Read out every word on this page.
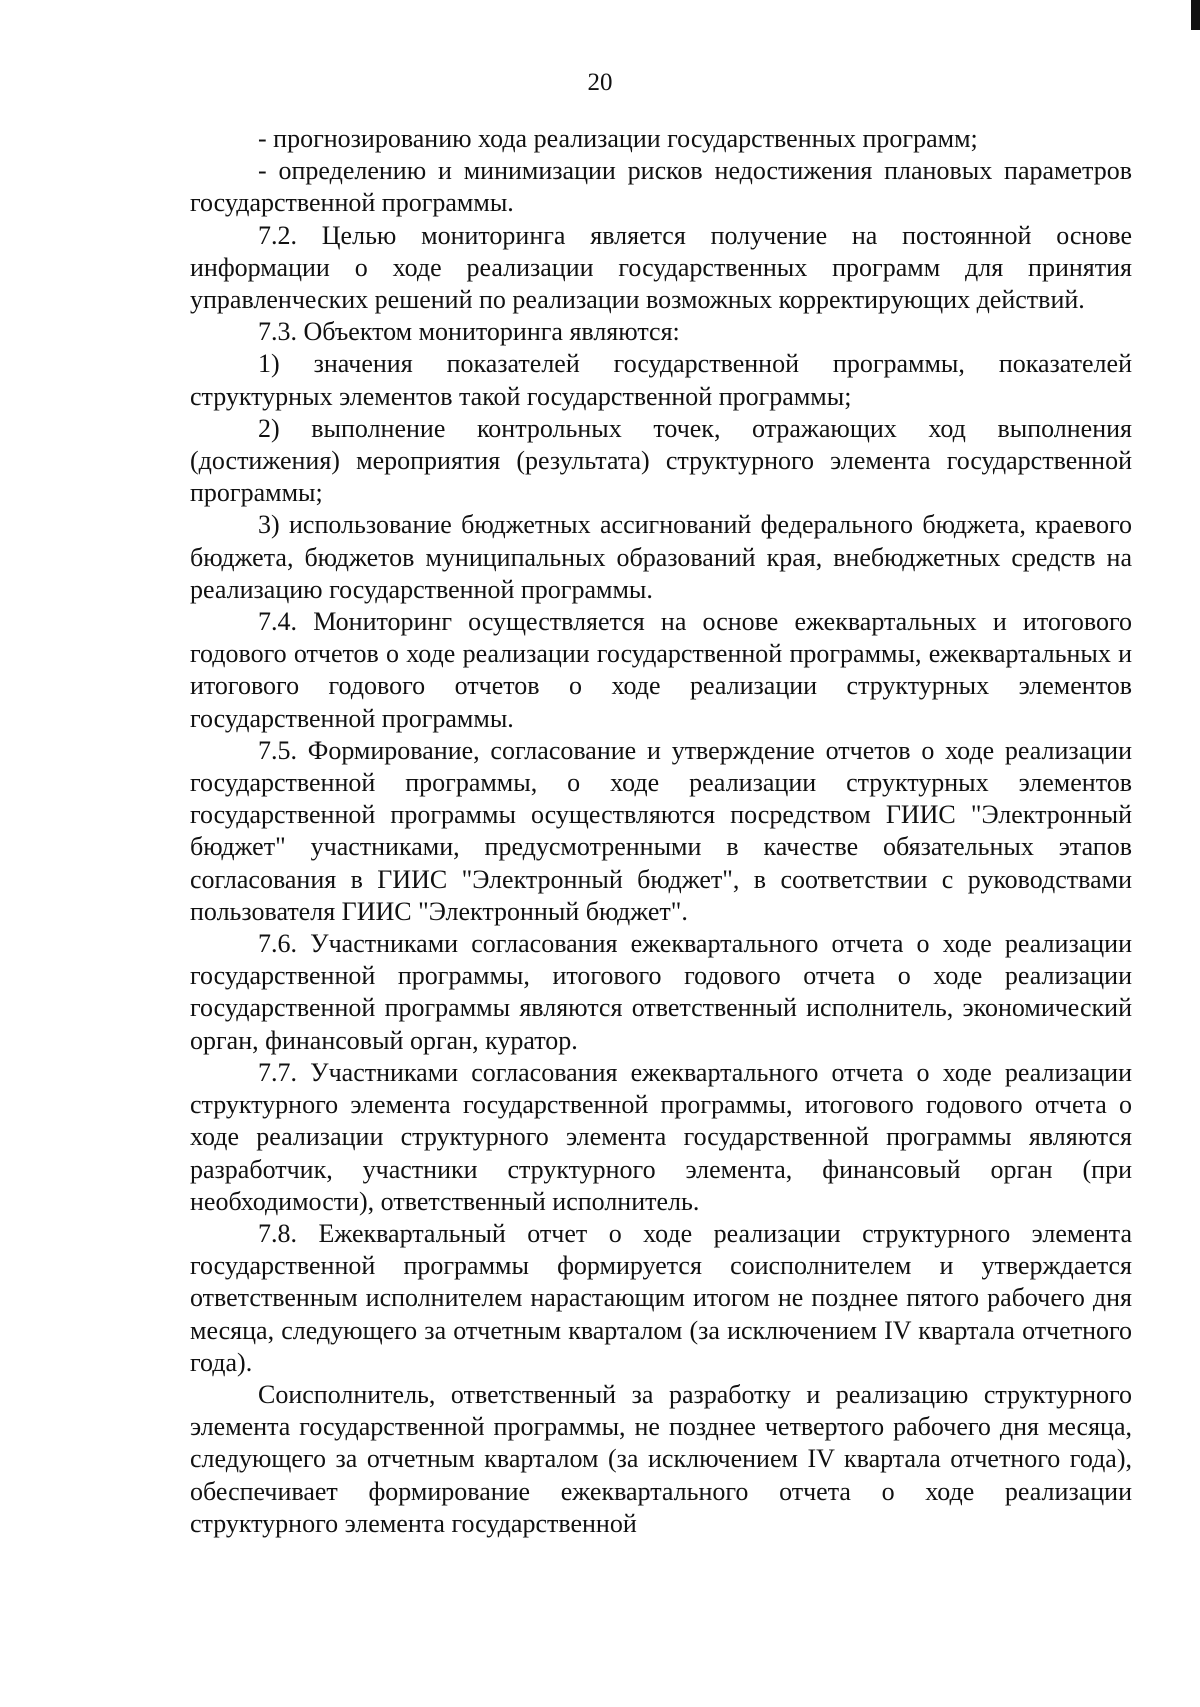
20

- прогнозированию хода реализации государственных программ;

- определению и минимизации рисков недостижения плановых параметров государственной программы.

7.2. Целью мониторинга является получение на постоянной основе информации о ходе реализации государственных программ для принятия управленческих решений по реализации возможных корректирующих действий.

7.3. Объектом мониторинга являются:

1) значения показателей государственной программы, показателей структурных элементов такой государственной программы;

2) выполнение контрольных точек, отражающих ход выполнения (достижения) мероприятия (результата) структурного элемента государственной программы;

3) использование бюджетных ассигнований федерального бюджета, краевого бюджета, бюджетов муниципальных образований края, внебюджетных средств на реализацию государственной программы.

7.4. Мониторинг осуществляется на основе ежеквартальных и итогового годового отчетов о ходе реализации государственной программы, ежеквартальных и итогового годового отчетов о ходе реализации структурных элементов государственной программы.

7.5. Формирование, согласование и утверждение отчетов о ходе реализации государственной программы, о ходе реализации структурных элементов государственной программы осуществляются посредством ГИИС "Электронный бюджет" участниками, предусмотренными в качестве обязательных этапов согласования в ГИИС "Электронный бюджет", в соответствии с руководствами пользователя ГИИС "Электронный бюджет".

7.6. Участниками согласования ежеквартального отчета о ходе реализации государственной программы, итогового годового отчета о ходе реализации государственной программы являются ответственный исполнитель, экономический орган, финансовый орган, куратор.

7.7. Участниками согласования ежеквартального отчета о ходе реализации структурного элемента государственной программы, итогового годового отчета о ходе реализации структурного элемента государственной программы являются разработчик, участники структурного элемента, финансовый орган (при необходимости), ответственный исполнитель.

7.8. Ежеквартальный отчет о ходе реализации структурного элемента государственной программы формируется соисполнителем и утверждается ответственным исполнителем нарастающим итогом не позднее пятого рабочего дня месяца, следующего за отчетным кварталом (за исключением IV квартала отчетного года).

Соисполнитель, ответственный за разработку и реализацию структурного элемента государственной программы, не позднее четвертого рабочего дня месяца, следующего за отчетным кварталом (за исключением IV квартала отчетного года), обеспечивает формирование ежеквартального отчета о ходе реализации структурного элемента государственной
